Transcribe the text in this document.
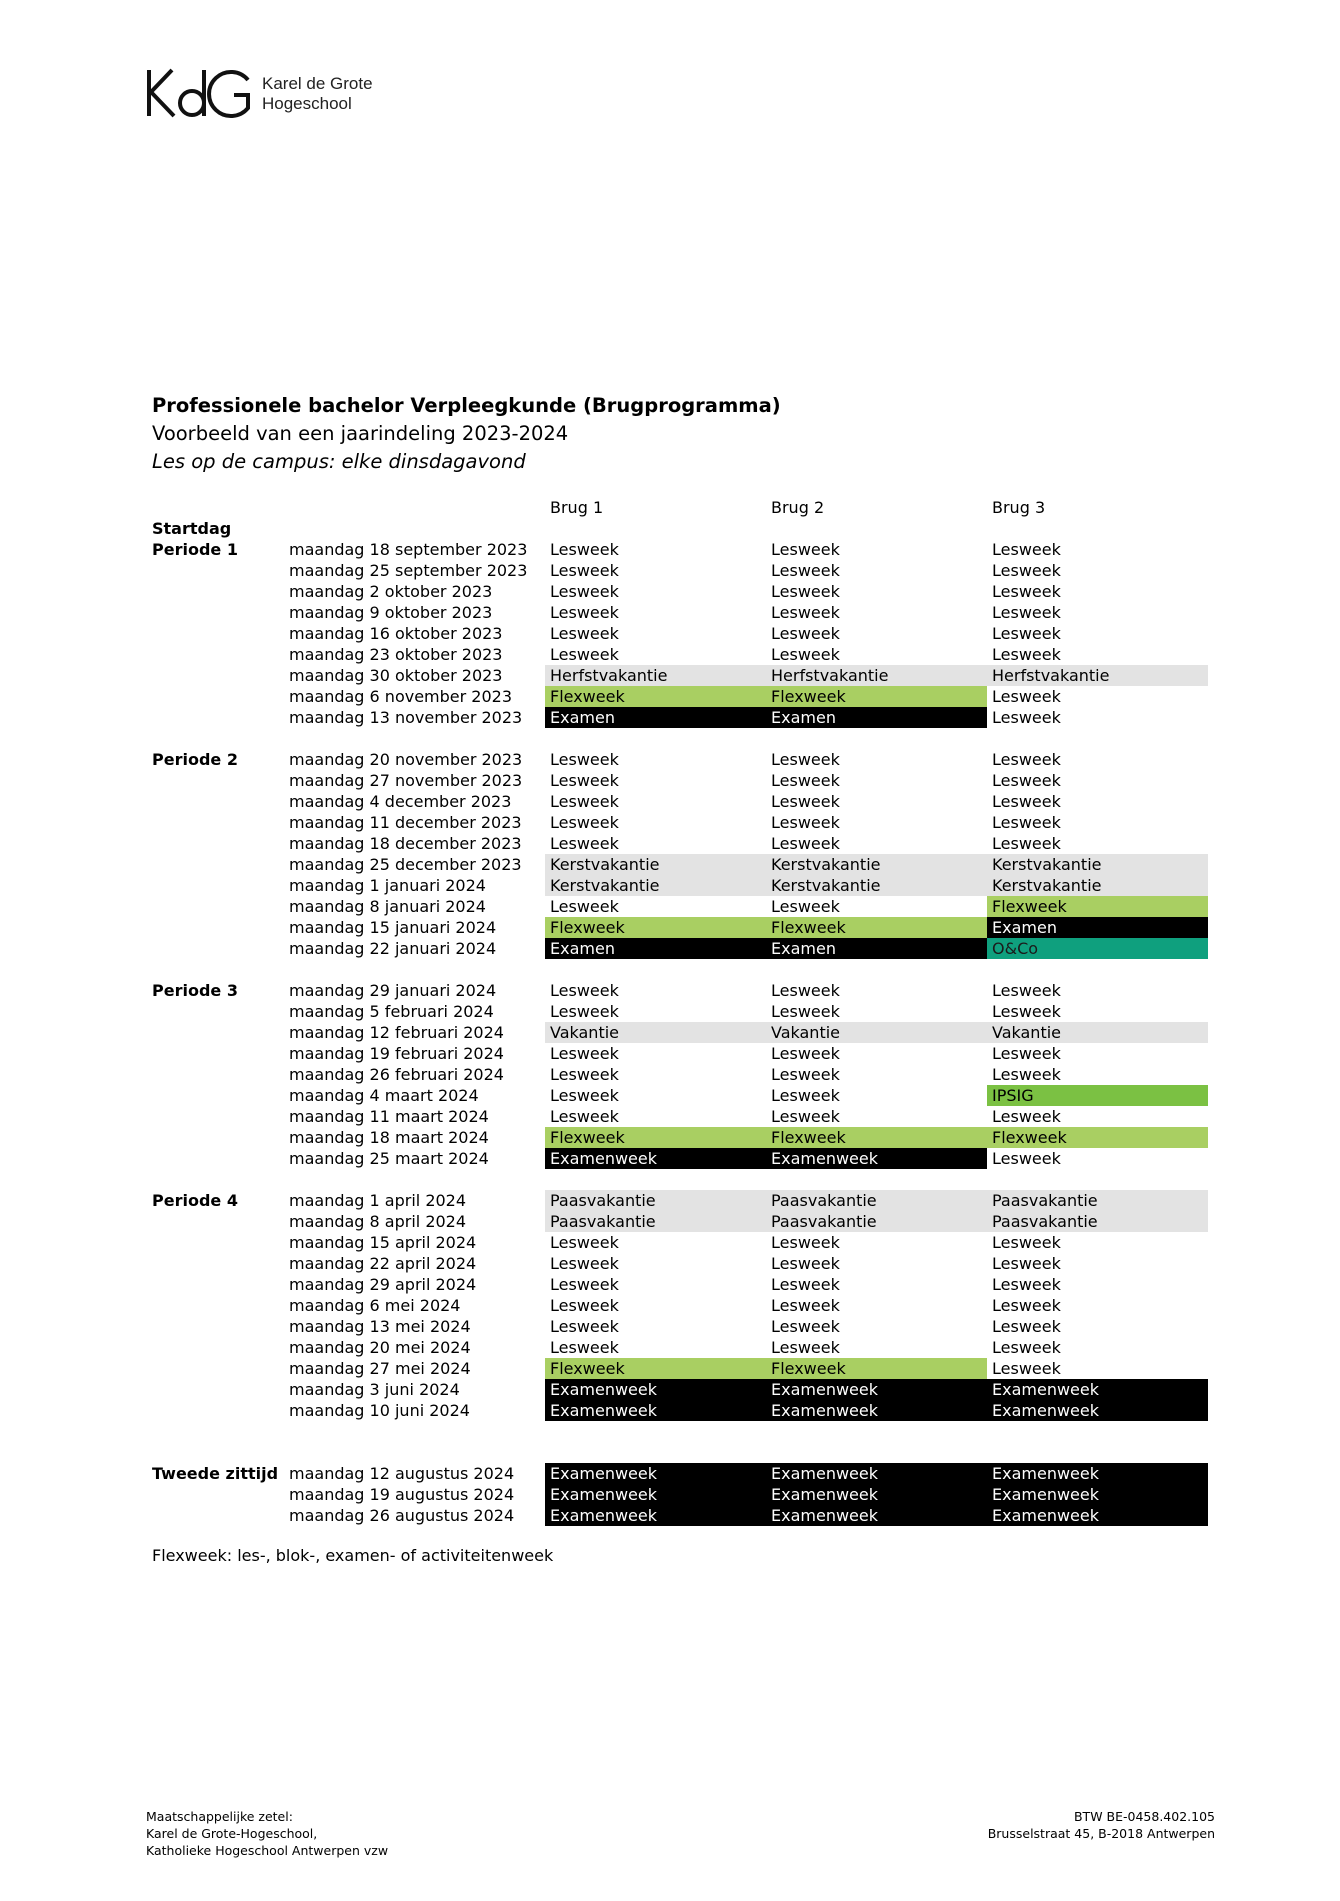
Karel de Grote
Hogeschool

Professionele bachelor Verpleegkunde (Brugprogramma)

Voorbeeld van een jaarindeling 2023-2024

Les op de campus: elke dinsdagavond

Brug 1	Brug 2	Brug 3
Startdag
Periode 1	maandag 18 september 2023	Lesweek	Lesweek	Lesweek
maandag 25 september 2023	Lesweek	Lesweek	Lesweek
maandag 2 oktober 2023	Lesweek	Lesweek	Lesweek
maandag 9 oktober 2023	Lesweek	Lesweek	Lesweek
maandag 16 oktober 2023	Lesweek	Lesweek	Lesweek
maandag 23 oktober 2023	Lesweek	Lesweek	Lesweek
maandag 30 oktober 2023	Herfstvakantie	Herfstvakantie	Herfstvakantie
maandag 6 november 2023	Flexweek	Flexweek	Lesweek
maandag 13 november 2023	Examen	Examen	Lesweek
Periode 2	maandag 20 november 2023	Lesweek	Lesweek	Lesweek
maandag 27 november 2023	Lesweek	Lesweek	Lesweek
maandag 4 december 2023	Lesweek	Lesweek	Lesweek
maandag 11 december 2023	Lesweek	Lesweek	Lesweek
maandag 18 december 2023	Lesweek	Lesweek	Lesweek
maandag 25 december 2023	Kerstvakantie	Kerstvakantie	Kerstvakantie
maandag 1 januari 2024	Kerstvakantie	Kerstvakantie	Kerstvakantie
maandag 8 januari 2024	Lesweek	Lesweek	Flexweek
maandag 15 januari 2024	Flexweek	Flexweek	Examen
maandag 22 januari 2024	Examen	Examen	O&Co
Periode 3	maandag 29 januari 2024	Lesweek	Lesweek	Lesweek
maandag 5 februari 2024	Lesweek	Lesweek	Lesweek
maandag 12 februari 2024	Vakantie	Vakantie	Vakantie
maandag 19 februari 2024	Lesweek	Lesweek	Lesweek
maandag 26 februari 2024	Lesweek	Lesweek	Lesweek
maandag 4 maart 2024	Lesweek	Lesweek	IPSIG
maandag 11 maart 2024	Lesweek	Lesweek	Lesweek
maandag 18 maart 2024	Flexweek	Flexweek	Flexweek
maandag 25 maart 2024	Examenweek	Examenweek	Lesweek
Periode 4	maandag 1 april 2024	Paasvakantie	Paasvakantie	Paasvakantie
maandag 8 april 2024	Paasvakantie	Paasvakantie	Paasvakantie
maandag 15 april 2024	Lesweek	Lesweek	Lesweek
maandag 22 april 2024	Lesweek	Lesweek	Lesweek
maandag 29 april 2024	Lesweek	Lesweek	Lesweek
maandag 6 mei 2024	Lesweek	Lesweek	Lesweek
maandag 13 mei 2024	Lesweek	Lesweek	Lesweek
maandag 20 mei 2024	Lesweek	Lesweek	Lesweek
maandag 27 mei 2024	Flexweek	Flexweek	Lesweek
maandag 3 juni 2024	Examenweek	Examenweek	Examenweek
maandag 10 juni 2024	Examenweek	Examenweek	Examenweek
Tweede zittijd maandag 12 augustus 2024	Examenweek	Examenweek	Examenweek
maandag 19 augustus 2024	Examenweek	Examenweek	Examenweek
maandag 26 augustus 2024	Examenweek	Examenweek	Examenweek
Flexweek: les-, blok-, examen- of activiteitenweek
Maatschappelijke zetel:
Karel de Grote-Hogeschool,
Katholieke Hogeschool Antwerpen vzw
BTW BE-0458.402.105
Brusselstraat 45, B-2018 Antwerpen
